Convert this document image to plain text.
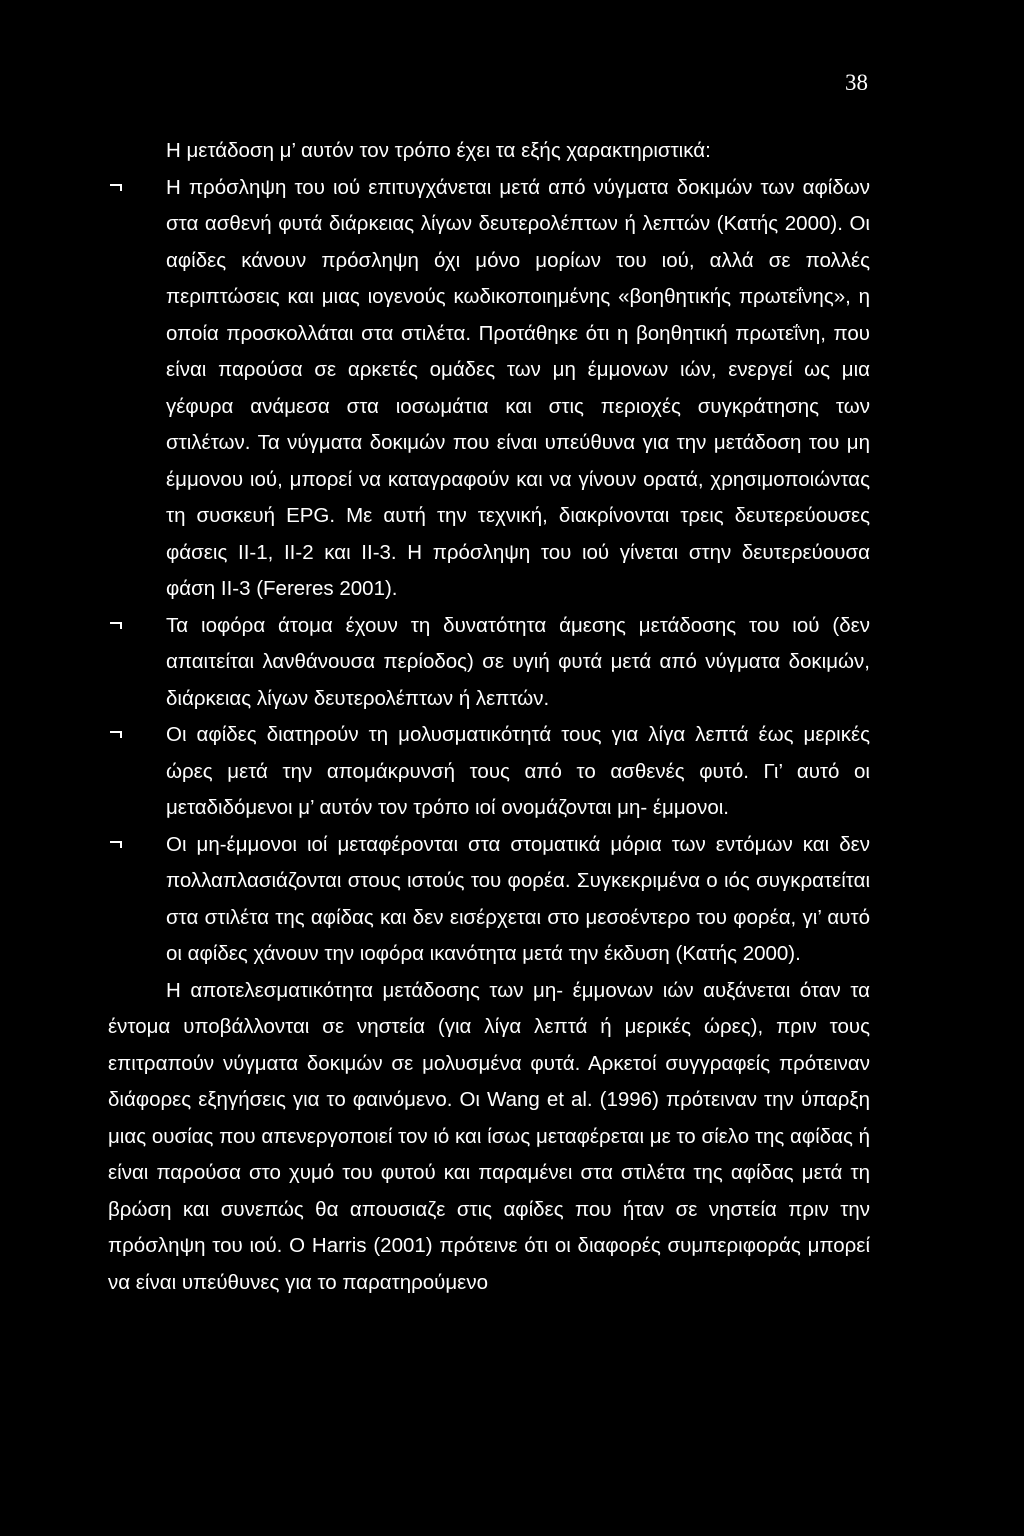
38

Η μετάδοση μ’ αυτόν τον τρόπο έχει τα εξής χαρακτηριστικά:

Η πρόσληψη του ιού επιτυγχάνεται μετά από νύγματα δοκιμών των αφίδων στα ασθενή φυτά διάρκειας λίγων δευτερολέπτων ή λεπτών (Κατής 2000). Οι αφίδες κάνουν πρόσληψη όχι μόνο μορίων του ιού, αλλά σε πολλές περιπτώσεις και μιας ιογενούς κωδικοποιημένης «βοηθητικής πρωτεΐνης», η οποία προσκολλάται στα στιλέτα. Προτάθηκε ότι η βοηθητική πρωτεΐνη, που είναι παρούσα σε αρκετές ομάδες των μη έμμονων ιών, ενεργεί ως μια γέφυρα ανάμεσα στα ιοσωμάτια και στις περιοχές συγκράτησης των στιλέτων. Τα νύγματα δοκιμών που είναι υπεύθυνα για την μετάδοση του μη έμμονου ιού, μπορεί να καταγραφούν και να γίνουν ορατά, χρησιμοποιώντας τη συσκευή EPG. Με αυτή την τεχνική, διακρίνονται τρεις δευτερεύουσες φάσεις ΙΙ-1, ΙΙ-2 και ΙΙ-3. Η πρόσληψη του ιού γίνεται στην δευτερεύουσα φάση ΙΙ-3 (Fereres 2001).
Τα ιοφόρα άτομα έχουν τη δυνατότητα άμεσης μετάδοσης του ιού (δεν απαιτείται λανθάνουσα περίοδος) σε υγιή φυτά μετά από νύγματα δοκιμών, διάρκειας λίγων δευτερολέπτων ή λεπτών.
Οι αφίδες διατηρούν τη μολυσματικότητά τους για λίγα λεπτά έως μερικές ώρες μετά την απομάκρυνσή τους από το ασθενές φυτό. Γι’ αυτό οι μεταδιδόμενοι μ’ αυτόν τον τρόπο ιοί ονομάζονται μη- έμμονοι.
Οι μη-έμμονοι ιοί μεταφέρονται στα στοματικά μόρια των εντόμων και δεν πολλαπλασιάζονται στους ιστούς του φορέα. Συγκεκριμένα ο ιός συγκρατείται στα στιλέτα της αφίδας και δεν εισέρχεται στο μεσοέντερο του φορέα, γι’ αυτό οι αφίδες χάνουν την ιοφόρα ικανότητα μετά την έκδυση (Κατής 2000).

Η αποτελεσματικότητα μετάδοσης των μη- έμμονων ιών αυξάνεται όταν τα έντομα υποβάλλονται σε νηστεία (για λίγα λεπτά ή μερικές ώρες), πριν τους επιτραπούν νύγματα δοκιμών σε μολυσμένα φυτά. Αρκετοί συγγραφείς πρότειναν διάφορες εξηγήσεις για το φαινόμενο. Οι Wang et al. (1996) πρότειναν την ύπαρξη μιας ουσίας που απενεργοποιεί τον ιό και ίσως μεταφέρεται με το σίελο της αφίδας ή είναι παρούσα στο χυμό του φυτού και παραμένει στα στιλέτα της αφίδας μετά τη βρώση και συνεπώς θα απουσιαζε στις αφίδες που ήταν σε νηστεία πριν την πρόσληψη του ιού. Ο Harris (2001) πρότεινε ότι οι διαφορές συμπεριφοράς μπορεί να είναι υπεύθυνες για το παρατηρούμενο
